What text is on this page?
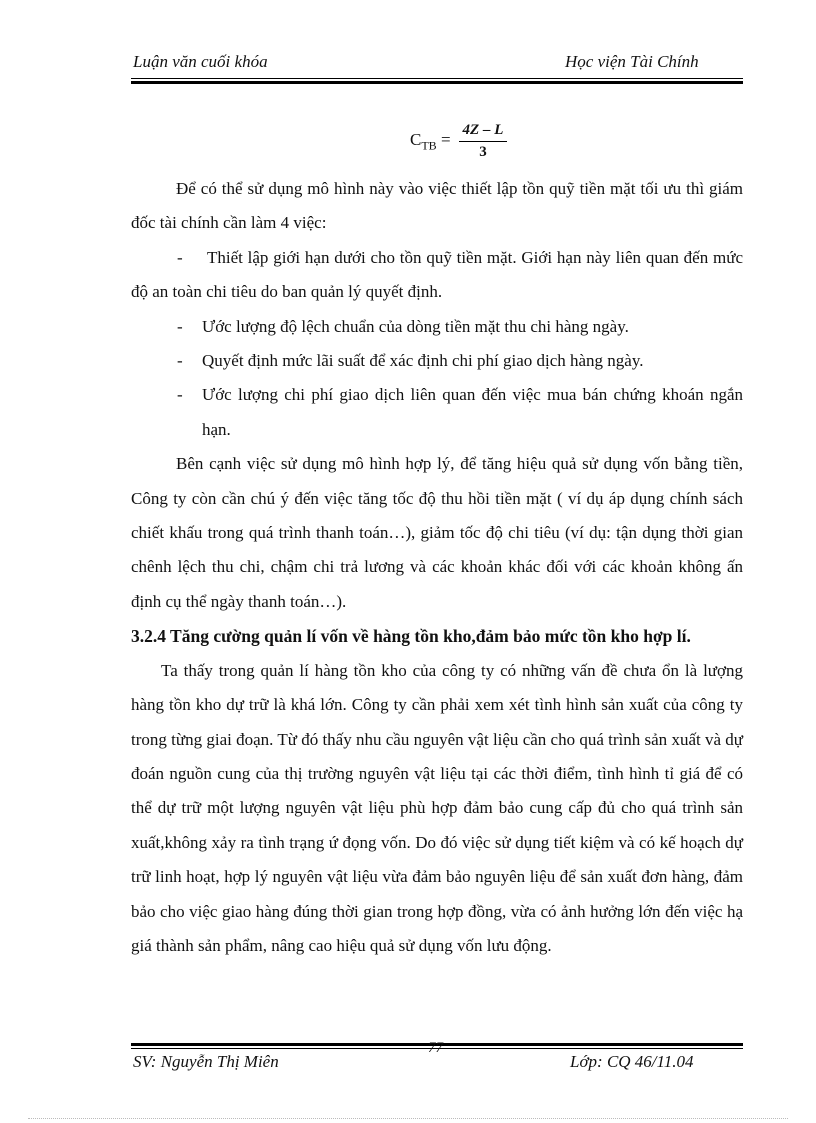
Luận văn cuối khóa	Học viện Tài Chính
$C_{TB} = \frac{4Z - L}{3}$

Để có thể sử dụng mô hình này vào việc thiết lập tồn quỹ tiền mặt tối ưu thì giám đốc tài chính cần làm 4 việc:

- Thiết lập giới hạn dưới cho tồn quỹ tiền mặt. Giới hạn này liên quan đến mức độ an toàn chi tiêu do ban quản lý quyết định.

-	Ước lượng độ lệch chuẩn của dòng tiền mặt thu chi hàng ngày.
-	Quyết định mức lãi suất để xác định chi phí giao dịch hàng ngày.
-	Ước lượng chi phí giao dịch liên quan đến việc mua bán chứng khoán ngắn hạn.

Bên cạnh việc sử dụng mô hình hợp lý, để tăng hiệu quả sử dụng vốn bằng tiền, Công ty còn cần chú ý đến việc tăng tốc độ thu hồi tiền mặt ( ví dụ áp dụng chính sách chiết khấu trong quá trình thanh toán…), giảm tốc độ chi tiêu (ví dụ: tận dụng thời gian chênh lệch thu chi, chậm chi trả lương và các khoản khác đối với các khoản không ấn định cụ thể ngày thanh toán…).

3.2.4 Tăng cường quản lí vốn về hàng tồn kho,đảm bảo mức tồn kho hợp lí.

Ta thấy trong quản lí hàng tồn kho của công ty có những vấn đề chưa ổn là lượng hàng tồn kho dự trữ là khá lớn. Công ty cần phải xem xét tình hình sản xuất của công ty trong từng giai đoạn. Từ đó thấy nhu cầu nguyên vật liệu cần cho quá trình sản xuất và dự đoán nguồn cung của thị trường nguyên vật liệu tại các thời điểm, tình hình tỉ giá để có thể dự trữ một lượng nguyên vật liệu phù hợp đảm bảo cung cấp đủ cho quá trình sản xuất,không xảy ra tình trạng ứ đọng vốn. Do đó việc sử dụng tiết kiệm và có kế hoạch dự trữ linh hoạt, hợp lý nguyên vật liệu vừa đảm bảo nguyên liệu để sản xuất đơn hàng, đảm bảo cho việc giao hàng đúng thời gian trong hợp đồng, vừa có ảnh hưởng lớn đến việc hạ giá thành sản phẩm, nâng cao hiệu quả sử dụng vốn lưu động.

77
SV: Nguyễn Thị Miên	Lớp: CQ 46/11.04
